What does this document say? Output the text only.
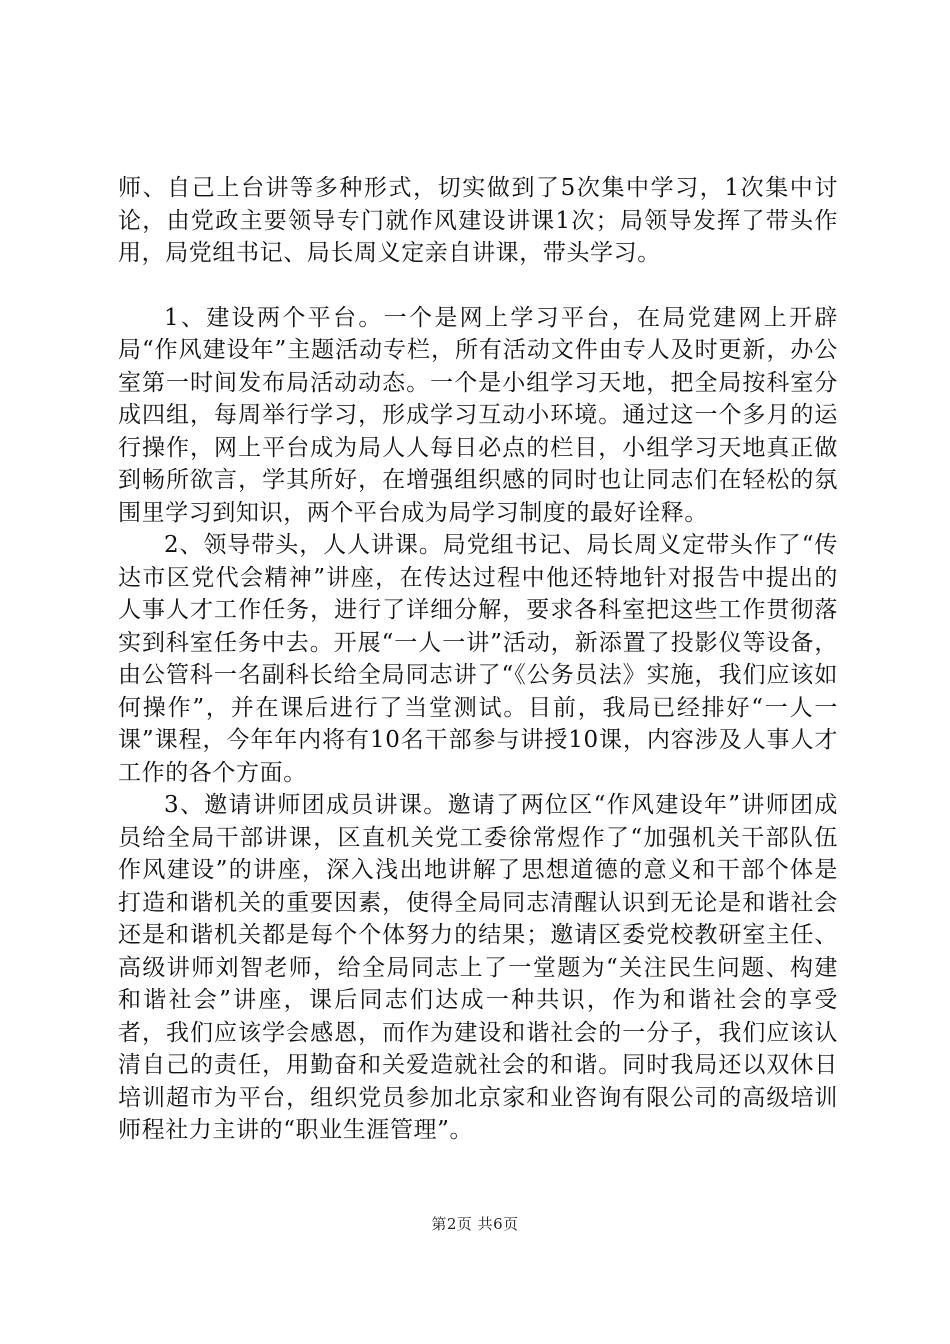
师、自己上台讲等多种形式，切实做到了5次集中学习，1次集中讨论，由党政主要领导专门就作风建设讲课1次；局领导发挥了带头作用，局党组书记、局长周义定亲自讲课，带头学习。

1、建设两个平台。一个是网上学习平台，在局党建网上开辟局“作风建设年”主题活动专栏，所有活动文件由专人及时更新，办公室第一时间发布局活动动态。一个是小组学习天地，把全局按科室分成四组，每周举行学习，形成学习互动小环境。通过这一个多月的运行操作，网上平台成为局人人每日必点的栏目，小组学习天地真正做到畅所欲言，学其所好，在增强组织感的同时也让同志们在轻松的氛围里学习到知识，两个平台成为局学习制度的最好诠释。

2、领导带头，人人讲课。局党组书记、局长周义定带头作了“传达市区党代会精神”讲座，在传达过程中他还特地针对报告中提出的人事人才工作任务，进行了详细分解，要求各科室把这些工作贯彻落实到科室任务中去。开展“一人一讲”活动，新添置了投影仪等设备，由公管科一名副科长给全局同志讲了“《公务员法》实施，我们应该如何操作”，并在课后进行了当堂测试。目前，我局已经排好“一人一课”课程，今年年内将有10名干部参与讲授10课，内容涉及人事人才工作的各个方面。

3、邀请讲师团成员讲课。邀请了两位区“作风建设年”讲师团成员给全局干部讲课，区直机关党工委徐常煜作了“加强机关干部队伍作风建设”的讲座，深入浅出地讲解了思想道德的意义和干部个体是打造和谐机关的重要因素，使得全局同志清醒认识到无论是和谐社会还是和谐机关都是每个个体努力的结果；邀请区委党校教研室主任、高级讲师刘智老师，给全局同志上了一堂题为“关注民生问题、构建和谐社会”讲座，课后同志们达成一种共识，作为和谐社会的享受者，我们应该学会感恩，而作为建设和谐社会的一分子，我们应该认清自己的责任，用勤奋和关爱造就社会的和谐。同时我局还以双休日培训超市为平台，组织党员参加北京家和业咨询有限公司的高级培训师程社力主讲的“职业生涯管理”。

第2页 共6页
